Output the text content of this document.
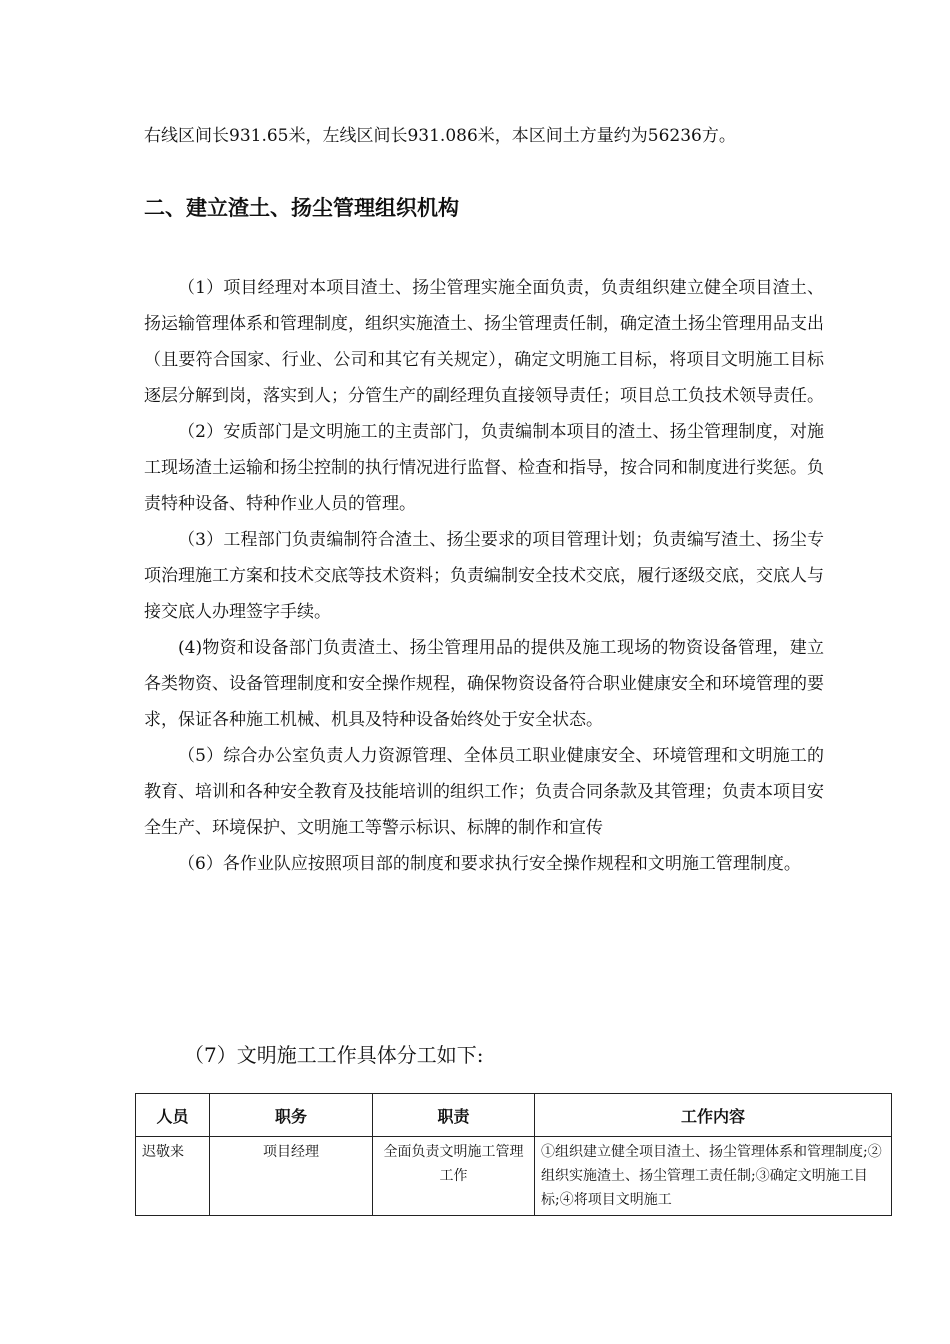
右线区间长931.65米，左线区间长931.086米，本区间土方量约为56236方。
二、建立渣土、扬尘管理组织机构

（1）项目经理对本项目渣土、扬尘管理实施全面负责，负责组织建立健全项目渣土、扬运输管理体系和管理制度，组织实施渣土、扬尘管理责任制，确定渣土扬尘管理用品支出（且要符合国家、行业、公司和其它有关规定），确定文明施工目标，将项目文明施工目标逐层分解到岗，落实到人；分管生产的副经理负直接领导责任；项目总工负技术领导责任。

（2）安质部门是文明施工的主责部门，负责编制本项目的渣土、扬尘管理制度，对施工现场渣土运输和扬尘控制的执行情况进行监督、检查和指导，按合同和制度进行奖惩。负责特种设备、特种作业人员的管理。

（3）工程部门负责编制符合渣土、扬尘要求的项目管理计划；负责编写渣土、扬尘专项治理施工方案和技术交底等技术资料；负责编制安全技术交底，履行逐级交底，交底人与接交底人办理签字手续。

(4)物资和设备部门负责渣土、扬尘管理用品的提供及施工现场的物资设备管理，建立各类物资、设备管理制度和安全操作规程，确保物资设备符合职业健康安全和环境管理的要求，保证各种施工机械、机具及特种设备始终处于安全状态。

（5）综合办公室负责人力资源管理、全体员工职业健康安全、环境管理和文明施工的教育、培训和各种安全教育及技能培训的组织工作；负责合同条款及其管理；负责本项目安全生产、环境保护、文明施工等警示标识、标牌的制作和宣传

（6）各作业队应按照项目部的制度和要求执行安全操作规程和文明施工管理制度。

（7）文明施工工作具体分工如下:
人员	职务	职责	工作内容
迟敬来	项目经理	全面负责文明施工管理工作	①组织建立健全项目渣土、扬尘管理体系和管理制度;②组织实施渣土、扬尘管理工责任制;③确定文明施工目标;④将项目文明施工
